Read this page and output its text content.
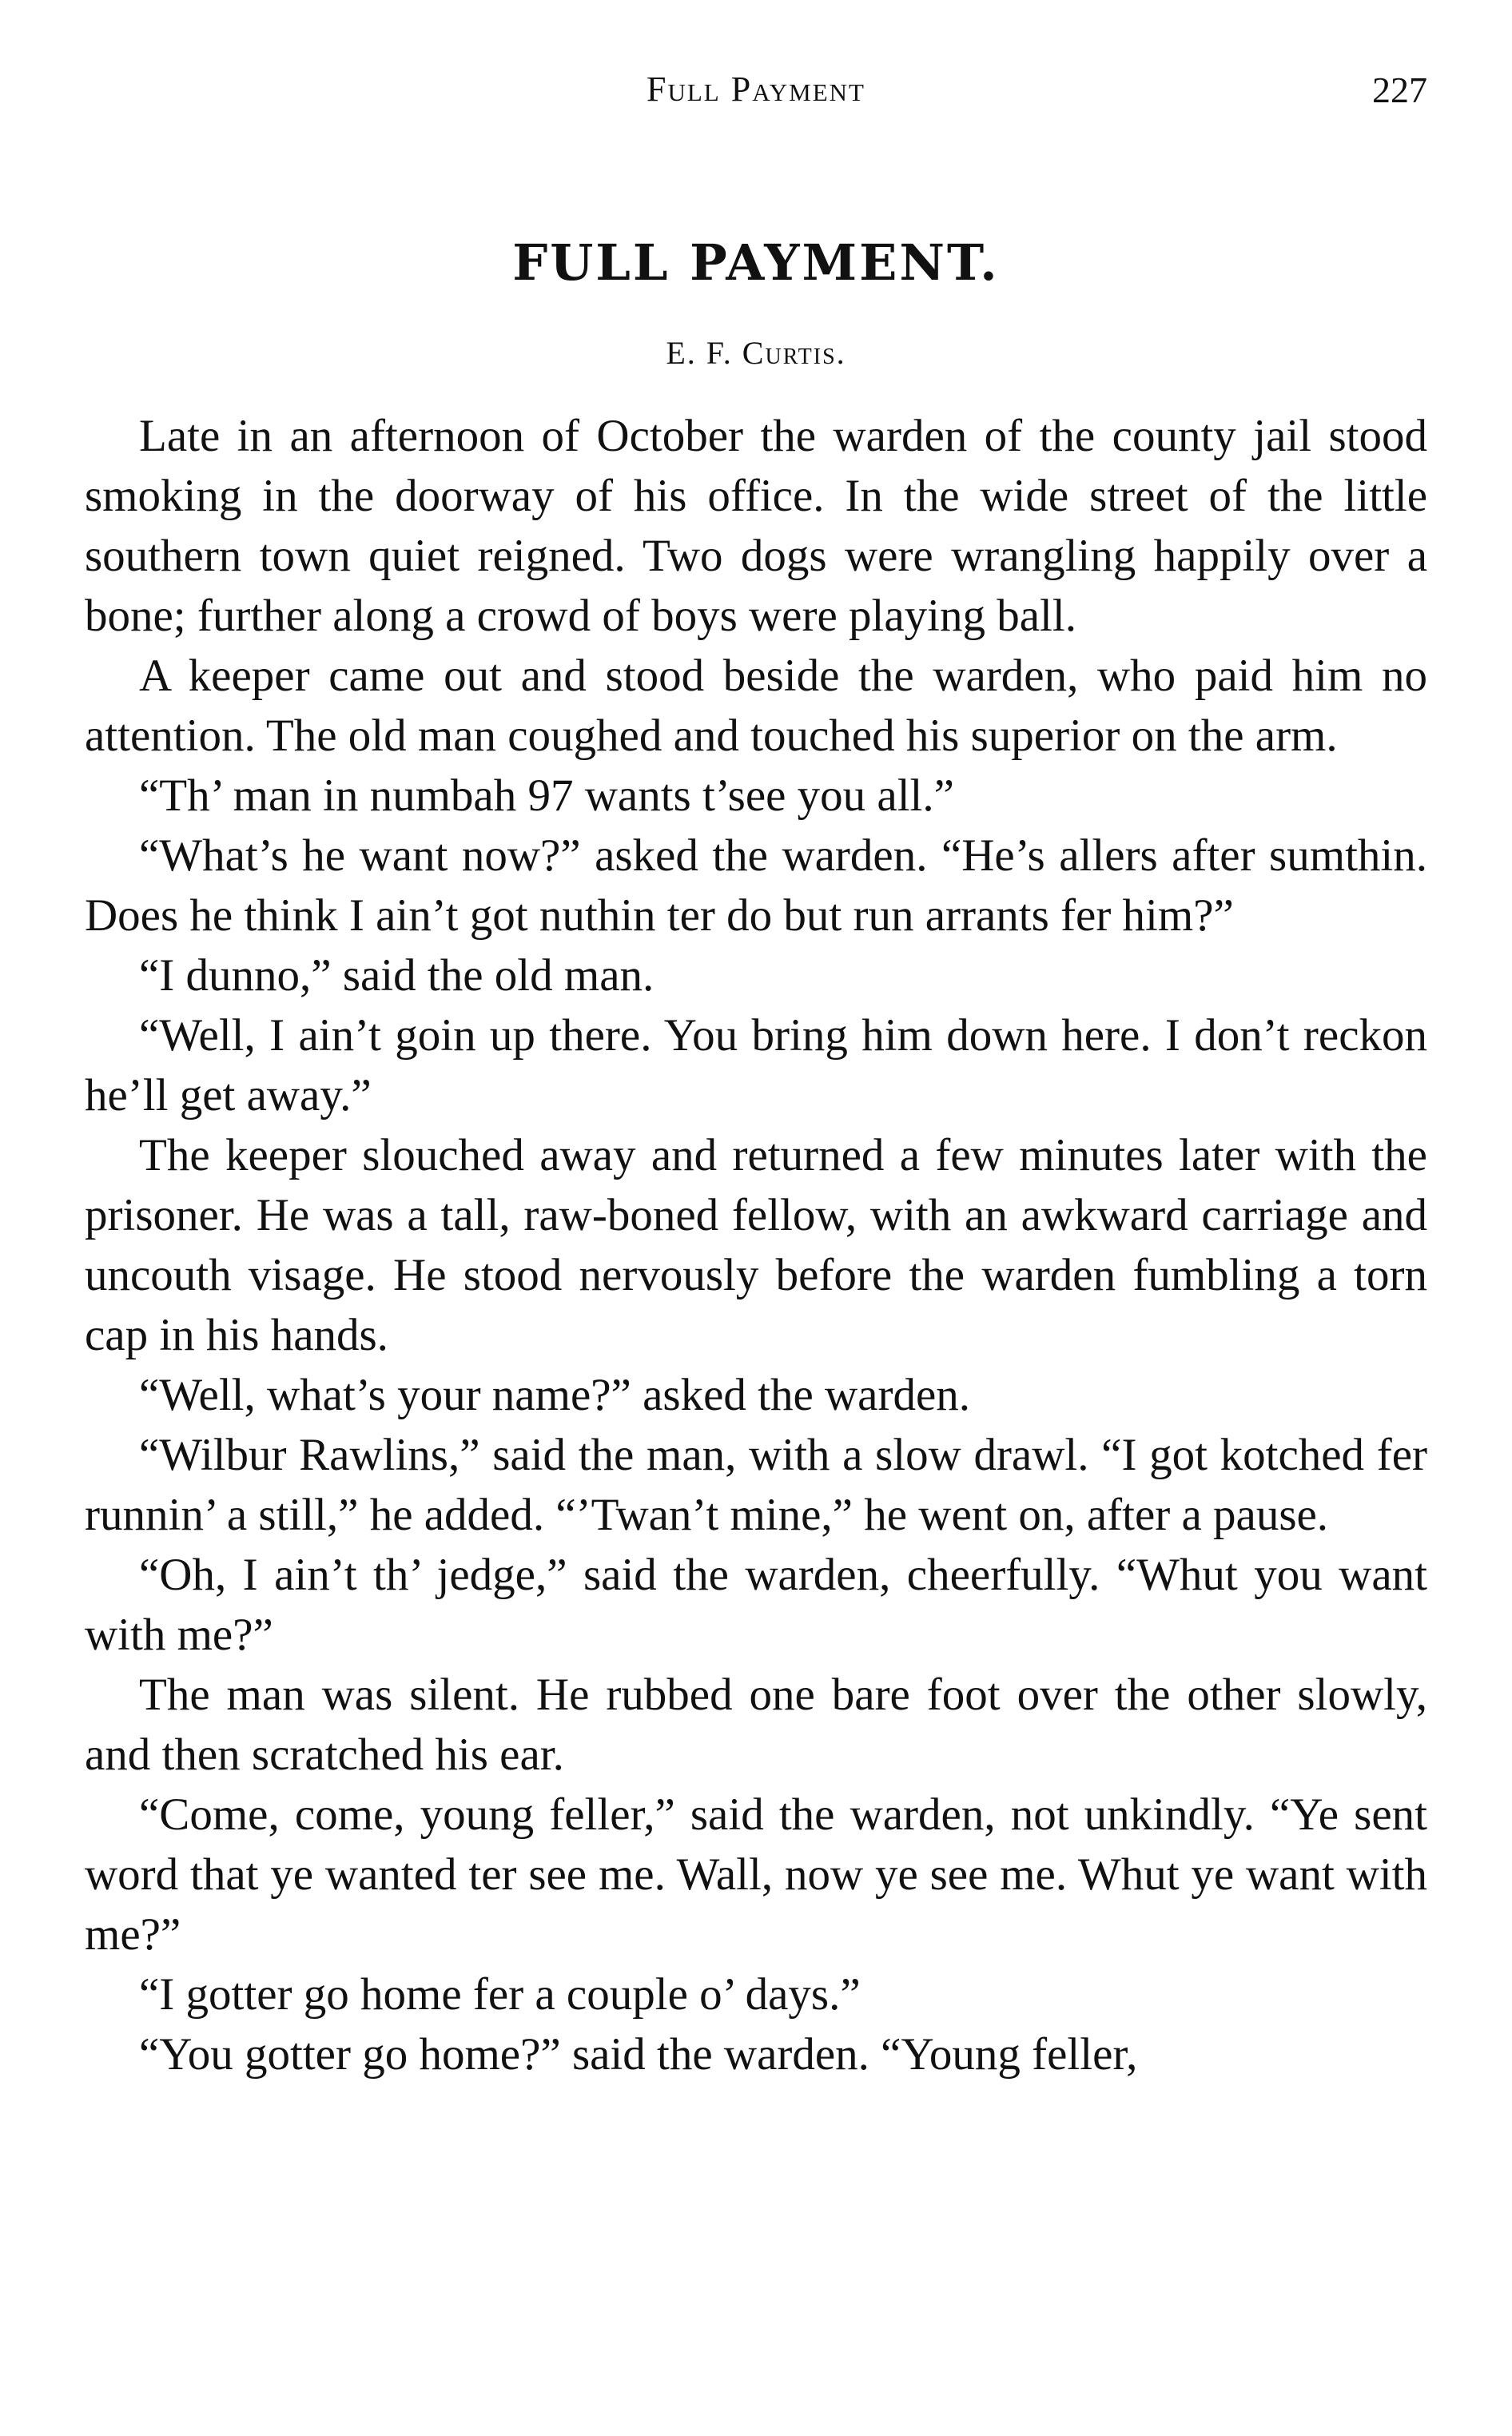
Full Payment	227
FULL PAYMENT.
E. F. Curtis.

Late in an afternoon of October the warden of the county jail stood smoking in the doorway of his office. In the wide street of the little southern town quiet reigned. Two dogs were wrangling happily over a bone; further along a crowd of boys were playing ball.

A keeper came out and stood beside the warden, who paid him no attention. The old man coughed and touched his superior on the arm.

“Th’ man in numbah 97 wants t’see you all.”

“What’s he want now?” asked the warden. “He’s allers after sumthin. Does he think I ain’t got nuthin ter do but run arrants fer him?”

“I dunno,” said the old man.

“Well, I ain’t goin up there. You bring him down here. I don’t reckon he’ll get away.”

The keeper slouched away and returned a few minutes later with the prisoner. He was a tall, raw-boned fellow, with an awkward carriage and uncouth visage. He stood nervously before the warden fumbling a torn cap in his hands.

“Well, what’s your name?” asked the warden.

“Wilbur Rawlins,” said the man, with a slow drawl. “I got kotched fer runnin’ a still,” he added. “’Twan’t mine,” he went on, after a pause.

“Oh, I ain’t th’ jedge,” said the warden, cheerfully. “Whut you want with me?”

The man was silent. He rubbed one bare foot over the other slowly, and then scratched his ear.

“Come, come, young feller,” said the warden, not unkindly. “Ye sent word that ye wanted ter see me. Wall, now ye see me. Whut ye want with me?”

“I gotter go home fer a couple o’ days.”

“You gotter go home?” said the warden. “Young feller,
